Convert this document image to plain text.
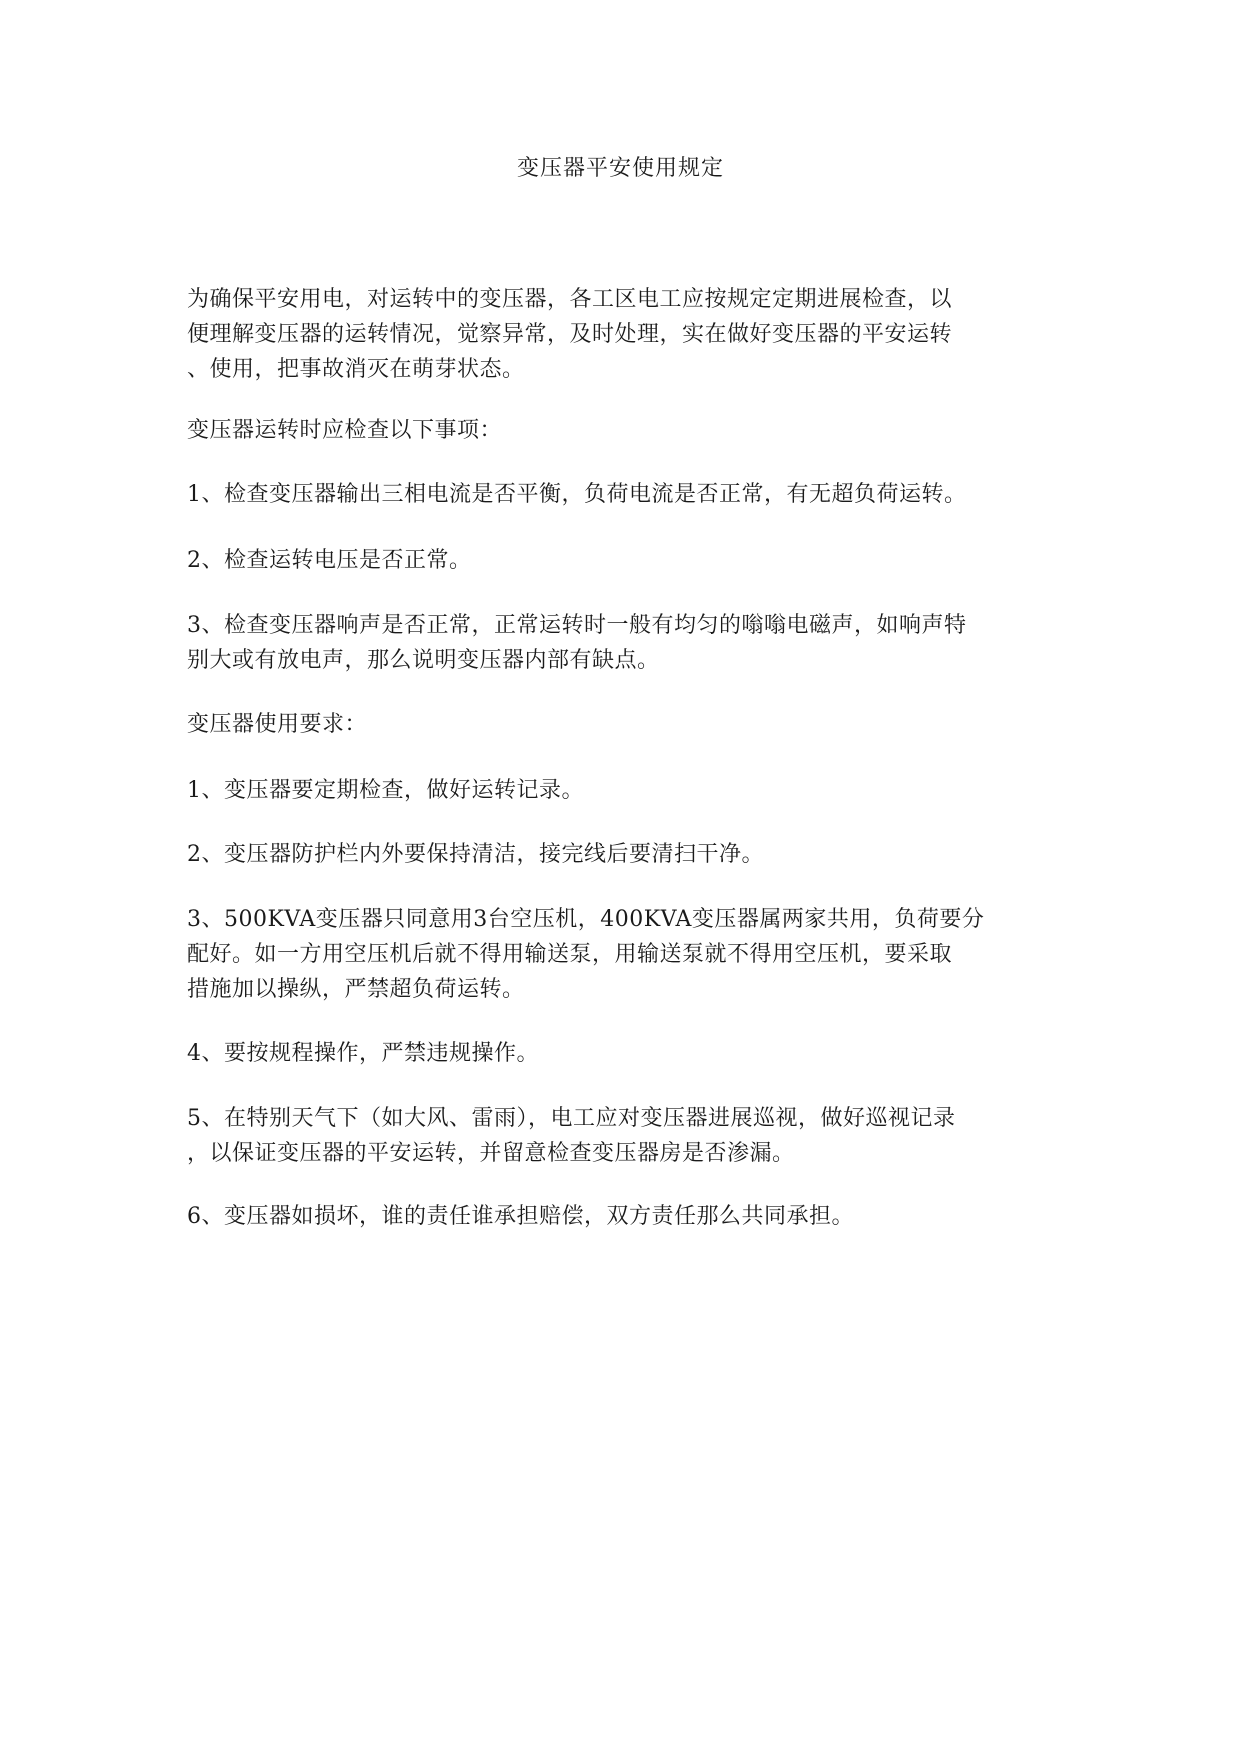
变压器平安使用规定
为确保平安用电，对运转中的变压器，各工区电工应按规定定期进展检查，以
便理解变压器的运转情况，觉察异常，及时处理，实在做好变压器的平安运转
、使用，把事故消灭在萌芽状态。
变压器运转时应检查以下事项：
1、检查变压器输出三相电流是否平衡，负荷电流是否正常，有无超负荷运转。
2、检查运转电压是否正常。
3、检查变压器响声是否正常，正常运转时一般有均匀的嗡嗡电磁声，如响声特
别大或有放电声，那么说明变压器内部有缺点。
变压器使用要求：
1、变压器要定期检查，做好运转记录。
2、变压器防护栏内外要保持清洁，接完线后要清扫干净。
3、500KVA变压器只同意用3台空压机，400KVA变压器属两家共用，负荷要分
配好。如一方用空压机后就不得用输送泵，用输送泵就不得用空压机，要采取
措施加以操纵，严禁超负荷运转。
4、要按规程操作，严禁违规操作。
5、在特别天气下（如大风、雷雨），电工应对变压器进展巡视，做好巡视记录
，以保证变压器的平安运转，并留意检查变压器房是否渗漏。
6、变压器如损坏，谁的责任谁承担赔偿，双方责任那么共同承担。
